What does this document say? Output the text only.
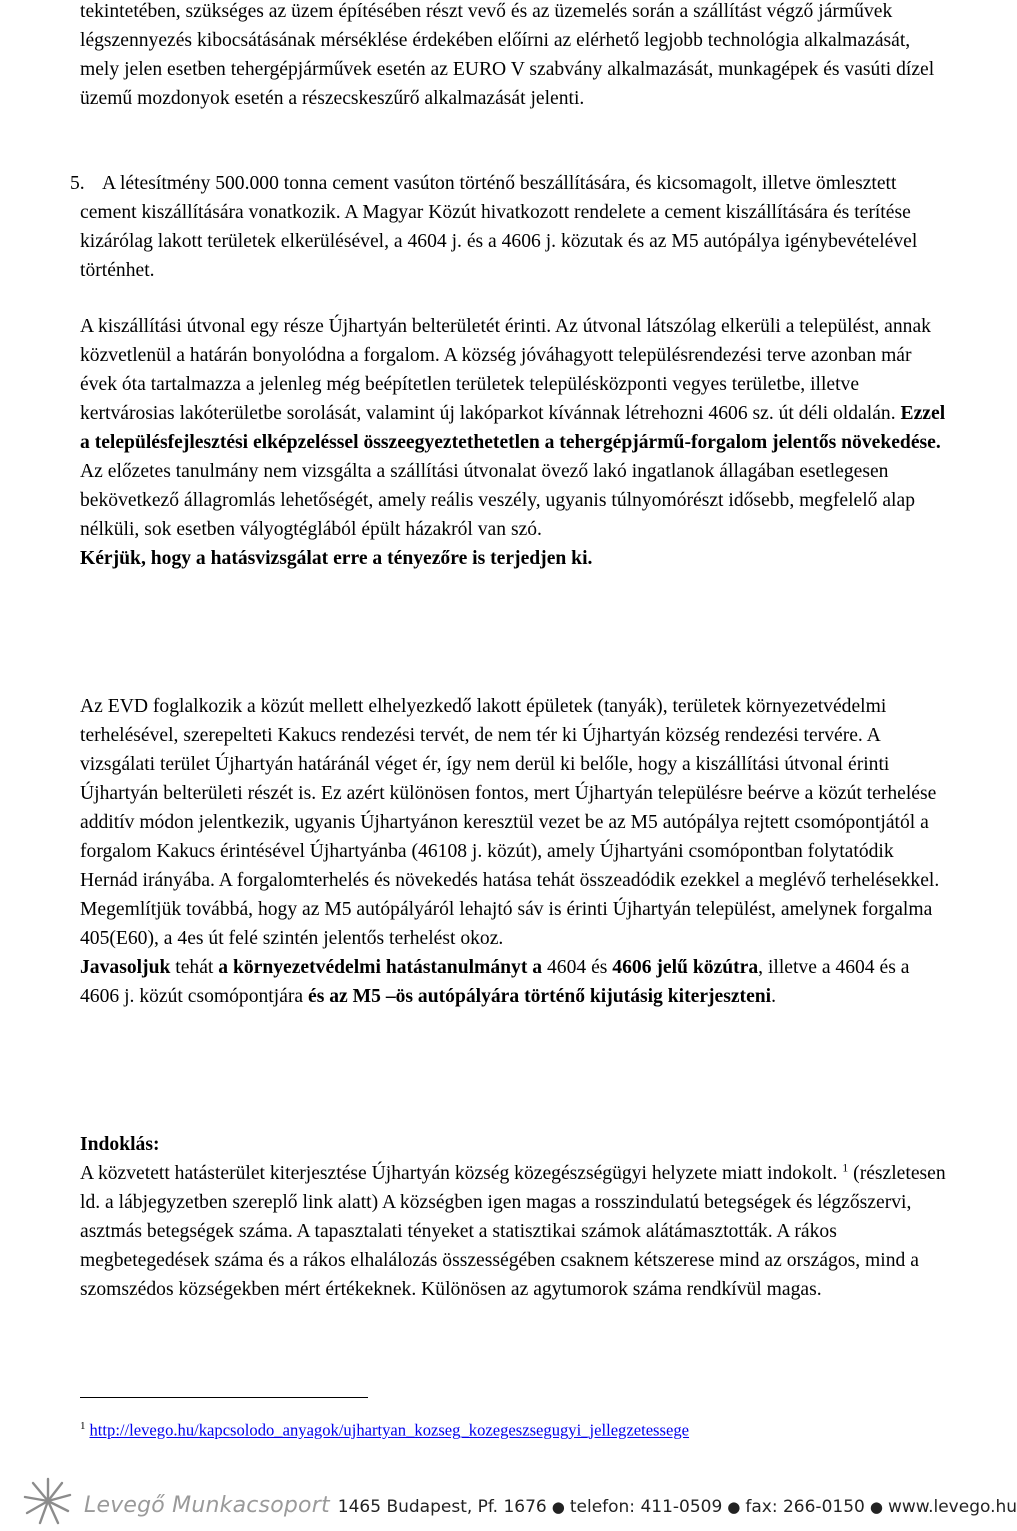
tekintetében, szükséges az üzem építésében részt vevő és az üzemelés során a szállítást végző járművek légszennyezés kibocsátásának mérséklése érdekében előírni az elérhető legjobb technológia alkalmazását, mely jelen esetben tehergépjárművek esetén az EURO V szabvány alkalmazását, munkagépek és vasúti dízel üzemű mozdonyok esetén a részecskeszűrő alkalmazását jelenti.

5. A létesítmény 500.000 tonna cement vasúton történő beszállítására, és kicsomagolt, illetve ömlesztett cement kiszállítására vonatkozik. A Magyar Közút hivatkozott rendelete a cement kiszállítására és terítése kizárólag lakott területek elkerülésével, a 4604 j. és a 4606 j. közutak és az M5 autópálya igénybevételével történhet.

A kiszállítási útvonal egy része Újhartyán belterületét érinti. Az útvonal látszólag elkerüli a települést, annak közvetlenül a határán bonyolódna a forgalom. A község jóváhagyott településrendezési terve azonban már évek óta tartalmazza a jelenleg még beépítetlen területek településközponti vegyes területbe, illetve kertvárosias lakóterületbe sorolását, valamint új lakóparkot kívánnak létrehozni 4606 sz. út déli oldalán. Ezzel a településfejlesztési elképzeléssel összeegyeztethetetlen a tehergépjármű-forgalom jelentős növekedése.
Az előzetes tanulmány nem vizsgálta a szállítási útvonalat övező lakó ingatlanok állagában esetlegesen bekövetkező állagromlás lehetőségét, amely reális veszély, ugyanis túlnyomórészt idősebb, megfelelő alap nélküli, sok esetben vályogtéglából épült házakról van szó.
Kérjük, hogy a hatásvizsgálat erre a tényezőre is terjedjen ki.

Az EVD foglalkozik a közút mellett elhelyezkedő lakott épületek (tanyák), területek környezetvédelmi terhelésével, szerepelteti Kakucs rendezési tervét, de nem tér ki Újhartyán község rendezési tervére. A vizsgálati terület Újhartyán határánál véget ér, így nem derül ki belőle, hogy a kiszállítási útvonal érinti Újhartyán belterületi részét is. Ez azért különösen fontos, mert Újhartyán településre beérve a közút terhelése additív módon jelentkezik, ugyanis Újhartyánon keresztül vezet be az M5 autópálya rejtett csomópontjától a forgalom Kakucs érintésével Újhartyánba (46108 j. közút), amely Újhartyáni csomópontban folytatódik Hernád irányába. A forgalomterhelés és növekedés hatása tehát összeadódik ezekkel a meglévő terhelésekkel.
Megemlítjük továbbá, hogy az M5 autópályáról lehajtó sáv is érinti Újhartyán települést, amelynek forgalma 405(E60), a 4es út felé szintén jelentős terhelést okoz.
Javasoljuk tehát a környezetvédelmi hatástanulmányt a 4604 és 4606 jelű közútra, illetve a 4604 és a 4606 j. közút csomópontjára és az M5 –ös autópályára történő kijutásig kiterjeszteni.

Indoklás:
A közvetett hatásterület kiterjesztése Újhartyán község közegészségügyi helyzete miatt indokolt. $^1$ (részletesen ld. a lábjegyzetben szereplő link alatt) A községben igen magas a rosszindulatú betegségek és légzőszervi, asztmás betegségek száma. A tapasztalati tényeket a statisztikai számok alátámasztották. A rákos megbetegedések száma és a rákos elhalálozás összességében csaknem kétszerese mind az országos, mind a szomszédos községekben mért értékeknek. Különösen az agytumorok száma rendkívül magas.

$^1$ http://levego.hu/kapcsolodo_anyagok/ujhartyan_kozseg_kozegeszsegugyi_jellegzetessege
Levegő Munkacsoport 1465 Budapest, Pf. 1676 ● telefon: 411-0509 ● fax: 266-0150 ● www.levego.hu
